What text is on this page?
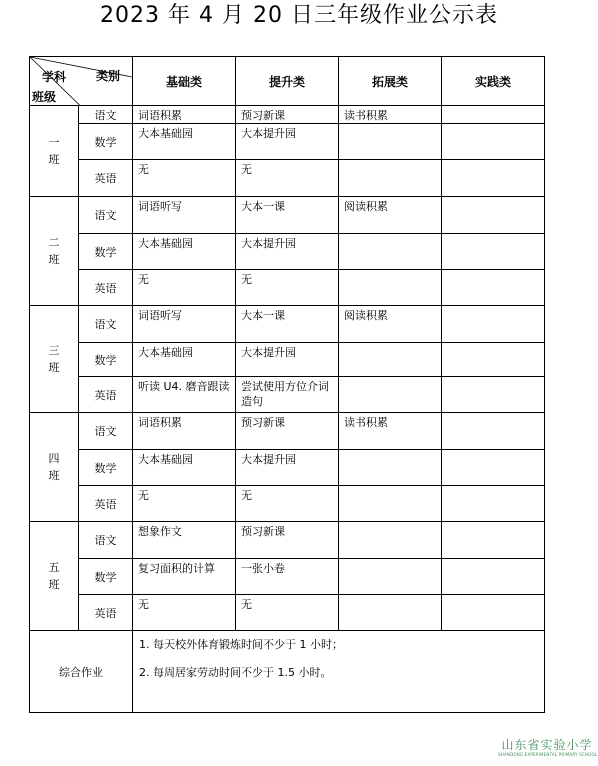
2023 年 4 月 20 日三年级作业公示表
学科 类别
班级		基础类	提升类	拓展类	实践类

一
班	语文	词语积累	预习新课	读书积累	
	数学	大本基础园	大本提升园		
	英语	无	无		

二
班	语文	词语听写	大本一课	阅读积累	
	数学	大本基础园	大本提升园		
	英语	无	无		

三
班	语文	词语听写	大本一课	阅读积累	
	数学	大本基础园	大本提升园		
	英语	听读 U4. 磨音跟读	尝试使用方位介词造句		

四
班	语文	词语积累	预习新课	读书积累	
	数学	大本基础园	大本提升园		
	英语	无	无		

五
班	语文	想象作文	预习新课		
	数学	复习面积的计算	一张小卷		
	英语	无	无		
综合作业		1. 每天校外体育锻炼时间不少于 1 小时；
2. 每周居家劳动时间不少于 1.5 小时。			
山东省实验小学
SHANDONG EXPERIMENTAL PRIMARY SCHOOL
